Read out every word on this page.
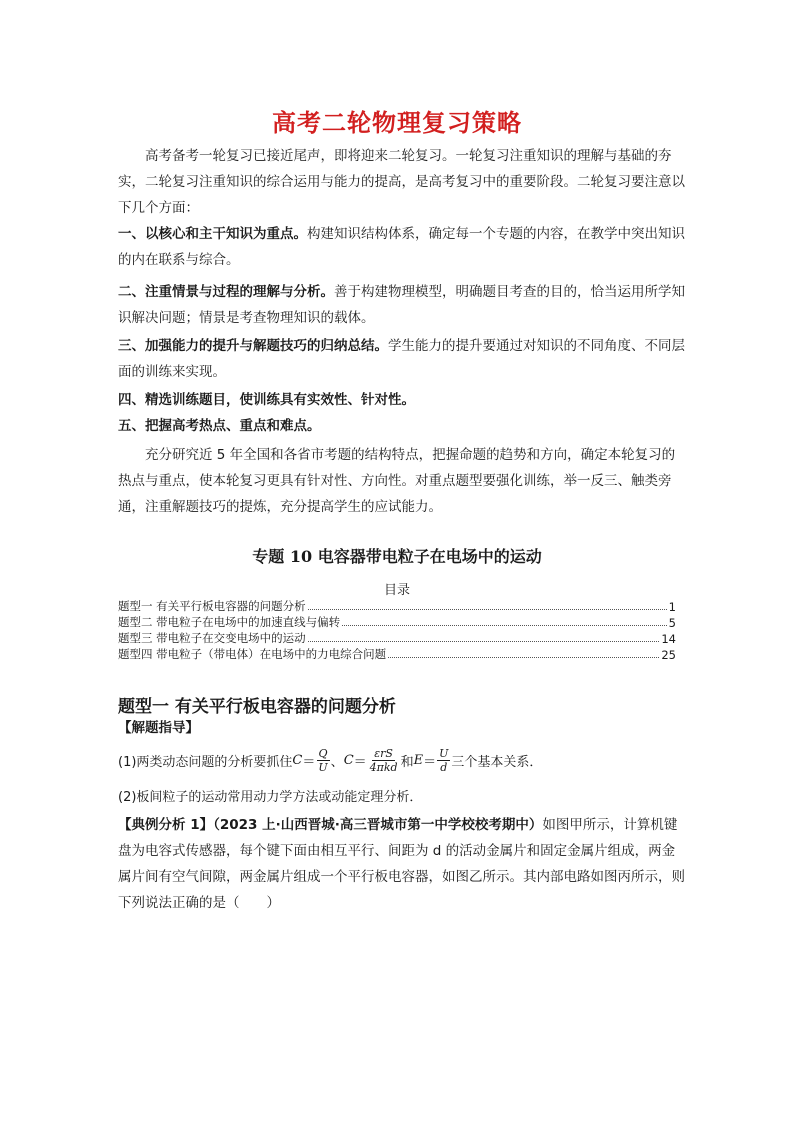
高考二轮物理复习策略
高考备考一轮复习已接近尾声，即将迎来二轮复习。一轮复习注重知识的理解与基础的夯实，二轮复习注重知识的综合运用与能力的提高，是高考复习中的重要阶段。二轮复习要注意以下几个方面：
一、以核心和主干知识为重点。构建知识结构体系，确定每一个专题的内容，在教学中突出知识的内在联系与综合。
二、注重情景与过程的理解与分析。善于构建物理模型，明确题目考查的目的，恰当运用所学知识解决问题；情景是考查物理知识的载体。
三、加强能力的提升与解题技巧的归纳总结。学生能力的提升要通过对知识的不同角度、不同层面的训练来实现。
四、精选训练题目，使训练具有实效性、针对性。
五、把握高考热点、重点和难点。
充分研究近 5 年全国和各省市考题的结构特点，把握命题的趋势和方向，确定本轮复习的热点与重点，使本轮复习更具有针对性、方向性。对重点题型要强化训练，举一反三、触类旁通，注重解题技巧的提炼，充分提高学生的应试能力。
专题 10 电容器带电粒子在电场中的运动
目录
题型一 有关平行板电容器的问题分析	1
题型二 带电粒子在电场中的加速直线与偏转	5
题型三 带电粒子在交变电场中的运动	14
题型四 带电粒子（带电体）在电场中的力电综合问题	25
题型一 有关平行板电容器的问题分析
【解题指导】
(1)两类动态问题的分析要抓住 $C = \frac{Q}{U}$ 、 $C = \frac{\text{εrS}}{\text{4πkd}}$ 和 $E = \frac{U}{d}$ 三个基本关系．
(2)板间粒子的运动常用动力学方法或动能定理分析．
【典例分析 1】（2023 上·山西晋城·高三晋城市第一中学校校考期中）如图甲所示，计算机键盘为电容式传感器，每个键下面由相互平行、间距为 d 的活动金属片和固定金属片组成，两金属片间有空气间隙，两金属片组成一个平行板电容器，如图乙所示。其内部电路如图丙所示，则下列说法正确的是（　　）
